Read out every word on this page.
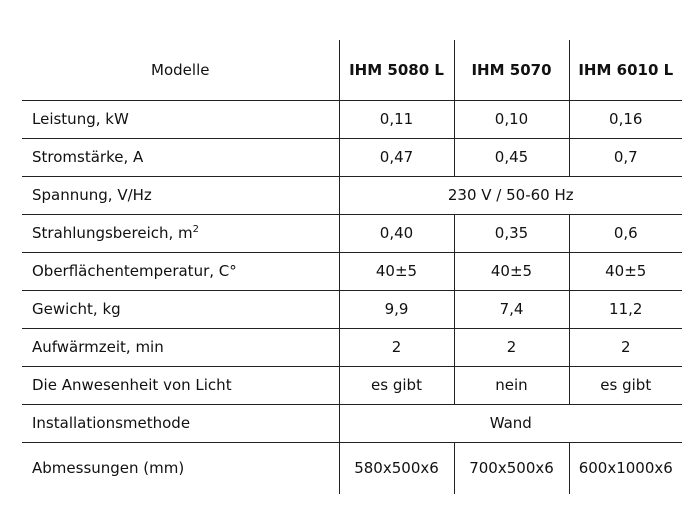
Modelle	IHM 5080 L	IHM 5070	IHM 6010 L
Leistung, kW	0,11	0,10	0,16
Stromstärke, A	0,47	0,45	0,7
Spannung, V/Hz	230 V / 50-60 Hz		
Strahlungsbereich, $m^2$	0,40	0,35	0,6
Oberflächentemperatur, C°	40±5	40±5	40±5
Gewicht, kg	9,9	7,4	11,2
Aufwärmzeit, min	2	2	2
Die Anwesenheit von Licht	es gibt	nein	es gibt
Installationsmethode	Wand		
Abmessungen (mm)	580x500x6	700x500x6	600x1000x6
